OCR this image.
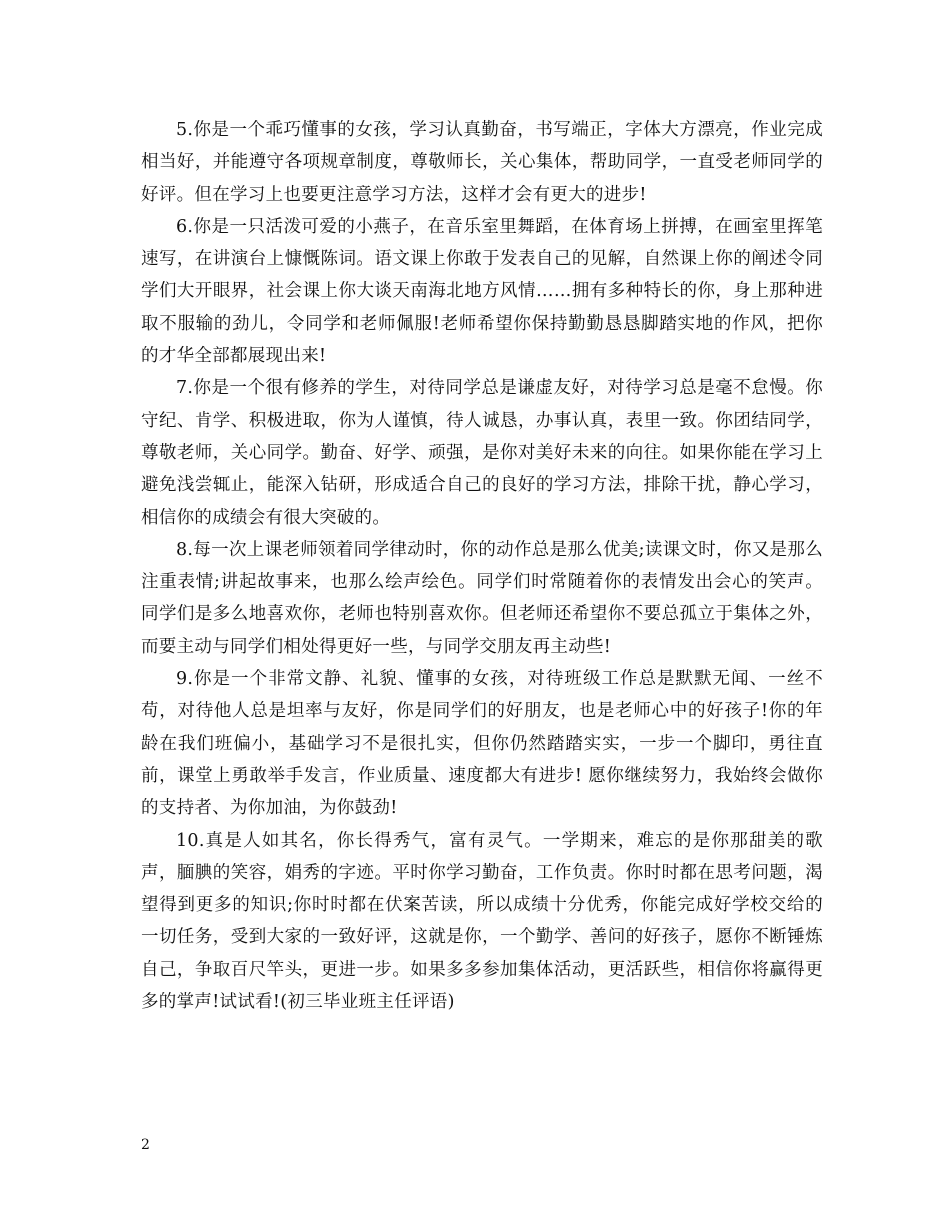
5.你是一个乖巧懂事的女孩，学习认真勤奋，书写端正，字体大方漂亮，作业完成相当好，并能遵守各项规章制度，尊敬师长，关心集体，帮助同学，一直受老师同学的好评。但在学习上也要更注意学习方法，这样才会有更大的进步!

6.你是一只活泼可爱的小燕子，在音乐室里舞蹈，在体育场上拼搏，在画室里挥笔速写，在讲演台上慷慨陈词。语文课上你敢于发表自己的见解，自然课上你的阐述令同学们大开眼界，社会课上你大谈天南海北地方风情……拥有多种特长的你，身上那种进取不服输的劲儿，令同学和老师佩服!老师希望你保持勤勤恳恳脚踏实地的作风，把你的才华全部都展现出来!

7.你是一个很有修养的学生，对待同学总是谦虚友好，对待学习总是毫不怠慢。你守纪、肯学、积极进取，你为人谨慎，待人诚恳，办事认真，表里一致。你团结同学，尊敬老师，关心同学。勤奋、好学、顽强，是你对美好未来的向往。如果你能在学习上避免浅尝辄止，能深入钻研，形成适合自己的良好的学习方法，排除干扰，静心学习，相信你的成绩会有很大突破的。

8.每一次上课老师领着同学律动时，你的动作总是那么优美;读课文时，你又是那么注重表情;讲起故事来，也那么绘声绘色。同学们时常随着你的表情发出会心的笑声。同学们是多么地喜欢你，老师也特别喜欢你。但老师还希望你不要总孤立于集体之外，而要主动与同学们相处得更好一些，与同学交朋友再主动些!

9.你是一个非常文静、礼貌、懂事的女孩，对待班级工作总是默默无闻、一丝不苟，对待他人总是坦率与友好，你是同学们的好朋友，也是老师心中的好孩子!你的年龄在我们班偏小，基础学习不是很扎实，但你仍然踏踏实实，一步一个脚印，勇往直前，课堂上勇敢举手发言，作业质量、速度都大有进步! 愿你继续努力，我始终会做你的支持者、为你加油，为你鼓劲!

10.真是人如其名，你长得秀气，富有灵气。一学期来，难忘的是你那甜美的歌声，腼腆的笑容，娟秀的字迹。平时你学习勤奋，工作负责。你时时都在思考问题，渴望得到更多的知识;你时时都在伏案苦读，所以成绩十分优秀，你能完成好学校交给的一切任务，受到大家的一致好评，这就是你，一个勤学、善问的好孩子，愿你不断锤炼自己，争取百尺竿头，更进一步。如果多多参加集体活动，更活跃些，相信你将赢得更多的掌声!试试看!(初三毕业班主任评语)

2
